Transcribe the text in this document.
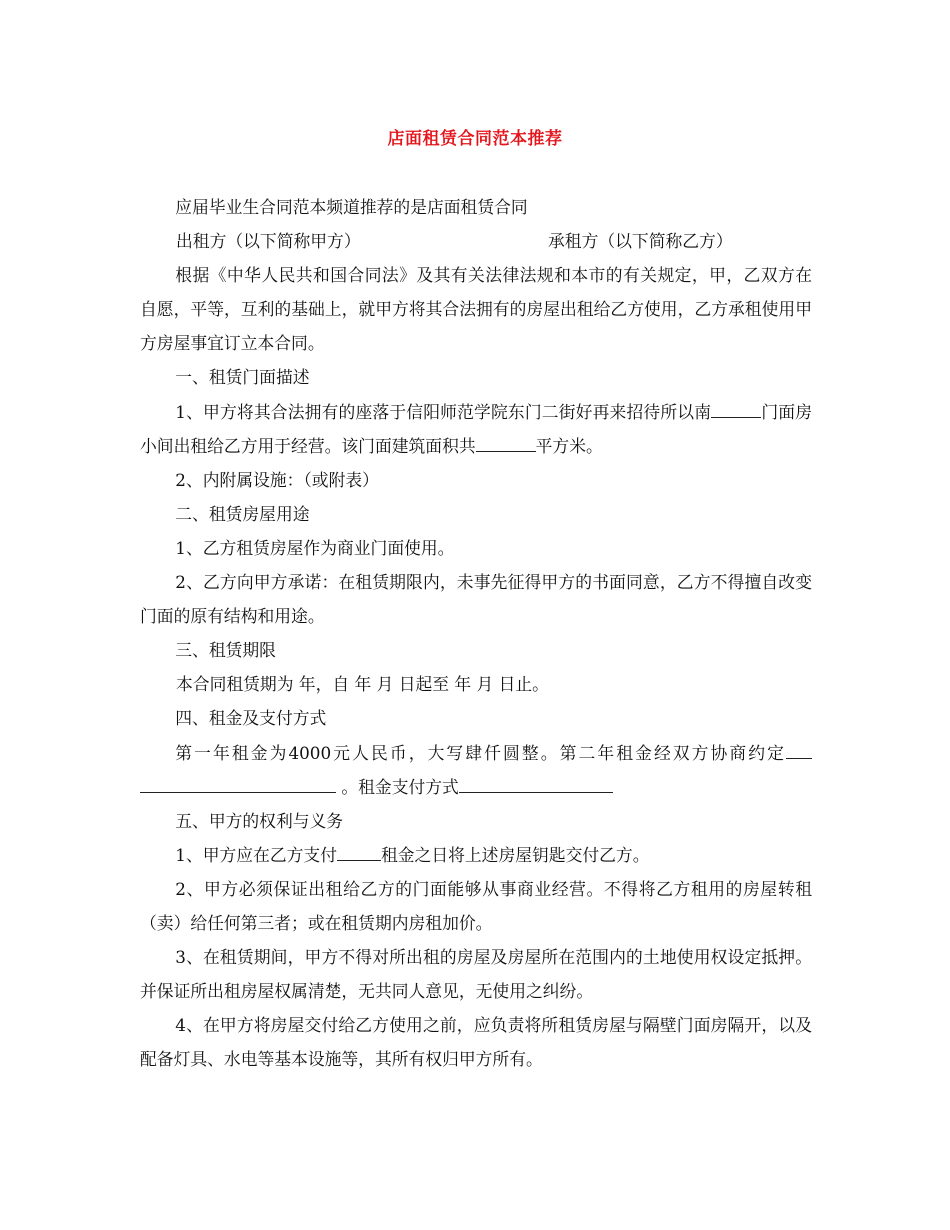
店面租赁合同范本推荐

应届毕业生合同范本频道推荐的是店面租赁合同

出租方（以下简称甲方）	承租方（以下简称乙方）

根据《中华人民共和国合同法》及其有关法律法规和本市的有关规定，甲，乙双方在自愿，平等，互利的基础上，就甲方将其合法拥有的房屋出租给乙方使用，乙方承租使用甲方房屋事宜订立本合同。

一、租赁门面描述

1、甲方将其合法拥有的座落于信阳师范学院东门二街好再来招待所以南	门面房小间出租给乙方用于经营。该门面建筑面积共	平方米。

2、内附属设施：（或附表）

二、租赁房屋用途

1、乙方租赁房屋作为商业门面使用。

2、乙方向甲方承诺：在租赁期限内，未事先征得甲方的书面同意，乙方不得擅自改变门面的原有结构和用途。

三、租赁期限

本合同租赁期为 年，自 年 月 日起至 年 月 日止。

四、租金及支付方式

第一年租金为4000元人民币，大写肆仟圆整。第二年租金经双方协商约定 。租金支付方式

五、甲方的权利与义务

1、甲方应在乙方支付	租金之日将上述房屋钥匙交付乙方。

2、甲方必须保证出租给乙方的门面能够从事商业经营。不得将乙方租用的房屋转租（卖）给任何第三者；或在租赁期内房租加价。

3、在租赁期间，甲方不得对所出租的房屋及房屋所在范围内的土地使用权设定抵押。并保证所出租房屋权属清楚，无共同人意见，无使用之纠纷。

4、在甲方将房屋交付给乙方使用之前，应负责将所租赁房屋与隔壁门面房隔开，以及配备灯具、水电等基本设施等，其所有权归甲方所有。
